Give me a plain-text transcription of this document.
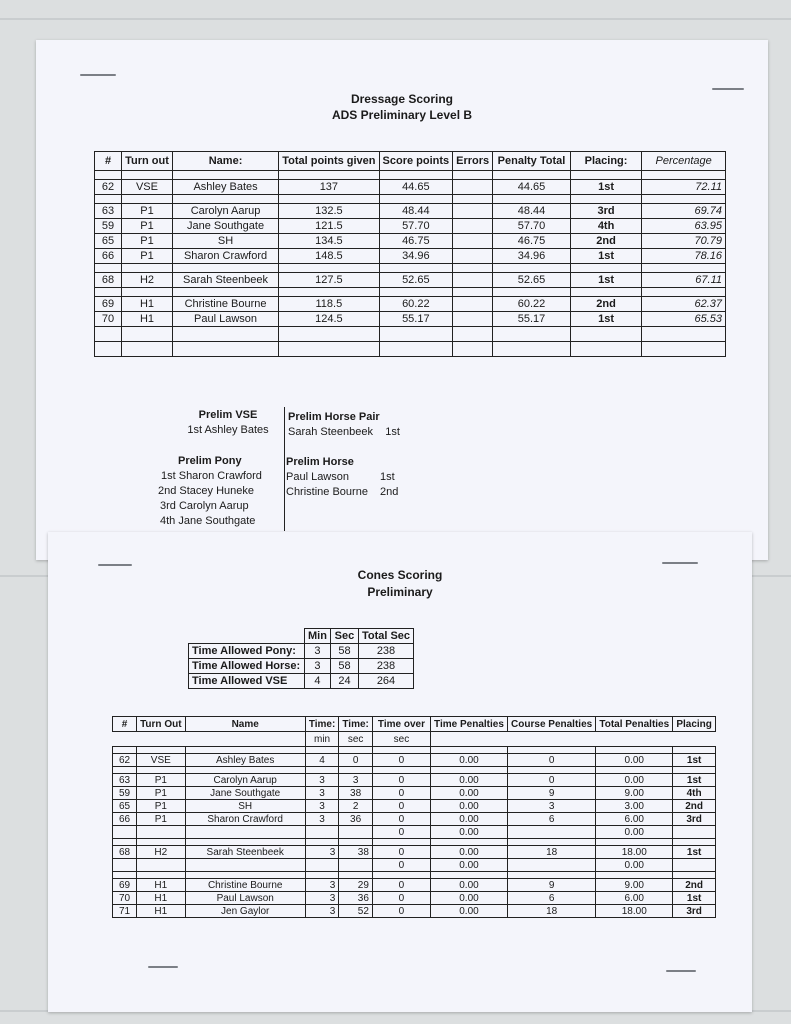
Dressage Scoring
ADS Preliminary Level B
#	Turn out	Name:	Total points given	Score points	Errors	Penalty Total	Placing:	Percentage

62	VSE	Ashley Bates	137	44.65		44.65	1st	72.11

63	P1	Carolyn Aarup	132.5	48.44		48.44	3rd	69.74
59	P1	Jane Southgate	121.5	57.70		57.70	4th	63.95
65	P1	SH	134.5	46.75		46.75	2nd	70.79
66	P1	Sharon Crawford	148.5	34.96		34.96	1st	78.16

68	H2	Sarah Steenbeek	127.5	52.65		52.65	1st	67.11

69	H1	Christine Bourne	118.5	60.22		60.22	2nd	62.37
70	H1	Paul Lawson	124.5	55.17		55.17	1st	65.53

Prelim VSE
1st Ashley Bates
Prelim Pony
1st Sharon Crawford
2nd Stacey Huneke
3rd Carolyn Aarup
4th Jane Southgate
Prelim Horse Pair
Sarah Steenbeek 1st
Prelim Horse
Paul Lawson	1st
Christine Bourne 2nd
Cones Scoring
Preliminary
	Min	Sec	Total Sec
Time Allowed Pony:	3	58	238
Time Allowed Horse:	3	58	238
Time Allowed VSE	4	24	264
#	Turn Out	Name	Time:	Time:	Time over	Time Penalties	Course Penalties	Total Penalties	Placing
			min	sec	sec				

62	VSE	Ashley Bates	4	0	0	0.00	0	0.00	1st

63	P1	Carolyn Aarup	3	3	0	0.00	0	0.00	1st
59	P1	Jane Southgate	3	38	0	0.00	9	9.00	4th
65	P1	SH	3	2	0	0.00	3	3.00	2nd
66	P1	Sharon Crawford	3	36	0	0.00	6	6.00	3rd
					0	0.00		0.00	

68	H2	Sarah Steenbeek	3	38	0	0.00	18	18.00	1st
					0	0.00		0.00	

69	H1	Christine Bourne	3	29	0	0.00	9	9.00	2nd
70	H1	Paul Lawson	3	36	0	0.00	6	6.00	1st
71	H1	Jen Gaylor	3	52	0	0.00	18	18.00	3rd
